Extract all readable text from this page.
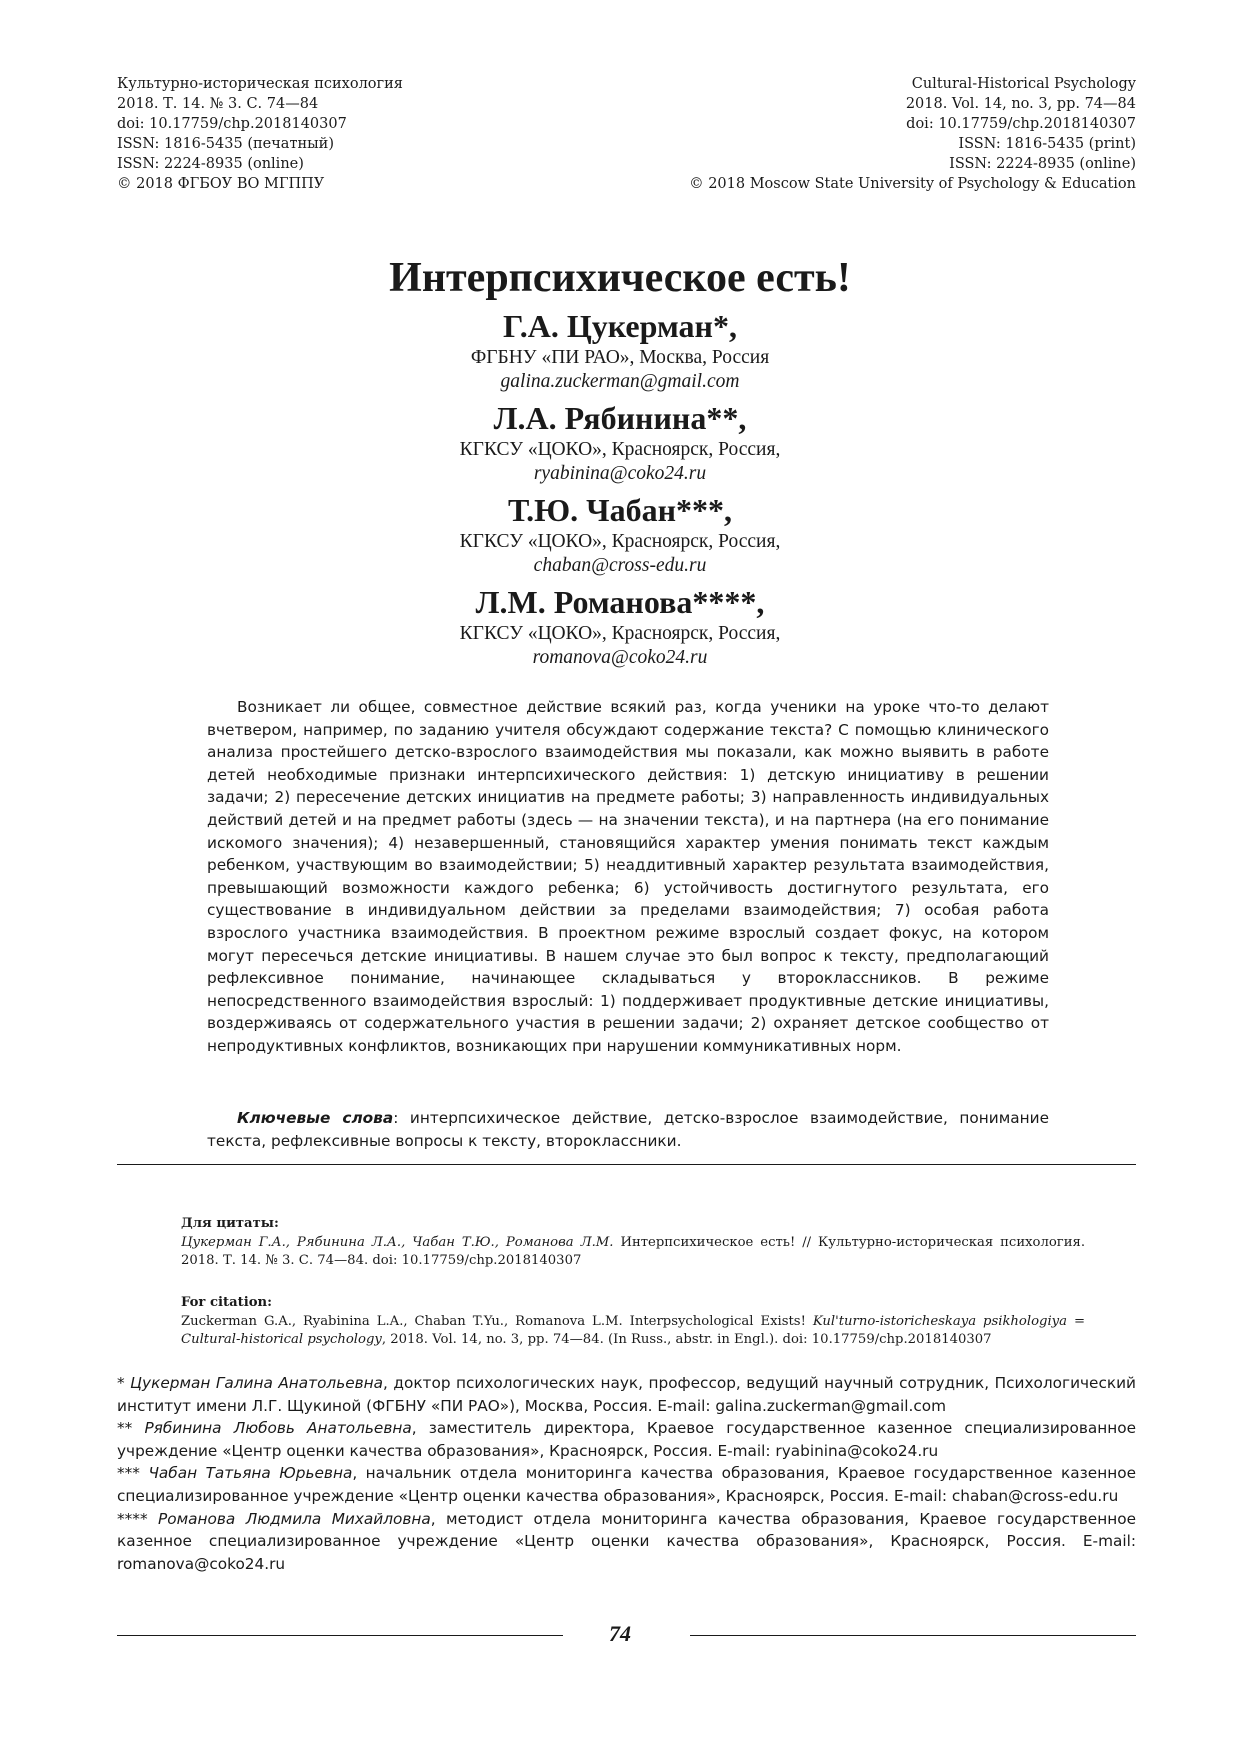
Культурно-историческая психология
2018. Т. 14. № 3. С. 74—84
doi: 10.17759/chp.2018140307
ISSN: 1816-5435 (печатный)
ISSN: 2224-8935 (online)
© 2018 ФГБОУ ВО МГППУ
Cultural-Historical Psychology
2018. Vol. 14, no. 3, pp. 74—84
doi: 10.17759/chp.2018140307
ISSN: 1816-5435 (print)
ISSN: 2224-8935 (online)
© 2018 Moscow State University of Psychology & Education
Интерпсихическое есть!
Г.А. Цукерман*,
ФГБНУ «ПИ РАО», Москва, Россия
galina.zuckerman@gmail.com
Л.А. Рябинина**,
КГКСУ «ЦОКО», Красноярск, Россия,
ryabinina@coko24.ru
Т.Ю. Чабан***,
КГКСУ «ЦОКО», Красноярск, Россия,
chaban@cross-edu.ru
Л.М. Романова****,
КГКСУ «ЦОКО», Красноярск, Россия,
romanova@coko24.ru

Возникает ли общее, совместное действие всякий раз, когда ученики на уроке что-то делают вчетвером, например, по заданию учителя обсуждают содержание текста? С помощью клинического анализа простейшего детско-взрослого взаимодействия мы показали, как можно выявить в работе детей необходимые признаки интерпсихического действия: 1) детскую инициативу в решении задачи; 2) пересечение детских инициатив на предмете работы; 3) направленность индивидуальных действий детей и на предмет работы (здесь — на значении текста), и на партнера (на его понимание искомого значения); 4) незавершенный, становящийся характер умения понимать текст каждым ребенком, участвующим во взаимодействии; 5) неаддитивный характер результата взаимодействия, превышающий возможности каждого ребенка; 6) устойчивость достигнутого результата, его существование в индивидуальном действии за пределами взаимодействия; 7) особая работа взрослого участника взаимодействия. В проектном режиме взрослый создает фокус, на котором могут пересечься детские инициативы. В нашем случае это был вопрос к тексту, предполагающий рефлексивное понимание, начинающее складываться у второклассников. В режиме непосредственного взаимодействия взрослый: 1) поддерживает продуктивные детские инициативы, воздерживаясь от содержательного участия в решении задачи; 2) охраняет детское сообщество от непродуктивных конфликтов, возникающих при нарушении коммуникативных норм.

Ключевые слова: интерпсихическое действие, детско-взрослое взаимодействие, понимание текста, рефлексивные вопросы к тексту, второклассники.
Для цитаты:
Цукерман Г.А., Рябинина Л.А., Чабан Т.Ю., Романова Л.М. Интерпсихическое есть! // Культурно-историческая психология. 2018. Т. 14. № 3. С. 74—84. doi: 10.17759/chp.2018140307
For citation:
Zuckerman G.A., Ryabinina L.A., Chaban T.Yu., Romanova L.M. Interpsychological Exists! Kul'turno-istoricheskaya psikhologiya = Cultural-historical psychology, 2018. Vol. 14, no. 3, pp. 74—84. (In Russ., abstr. in Engl.). doi: 10.17759/chp.2018140307

* Цукерман Галина Анатольевна, доктор психологических наук, профессор, ведущий научный сотрудник, Психологический институт имени Л.Г. Щукиной (ФГБНУ «ПИ РАО»), Москва, Россия. E-mail: galina.zuckerman@gmail.com

** Рябинина Любовь Анатольевна, заместитель директора, Краевое государственное казенное специализированное учреждение «Центр оценки качества образования», Красноярск, Россия. E-mail: ryabinina@coko24.ru

*** Чабан Татьяна Юрьевна, начальник отдела мониторинга качества образования, Краевое государственное казенное специализированное учреждение «Центр оценки качества образования», Красноярск, Россия. E-mail: chaban@cross-edu.ru

**** Романова Людмила Михайловна, методист отдела мониторинга качества образования, Краевое государственное казенное специализированное учреждение «Центр оценки качества образования», Красноярск, Россия. E-mail: romanova@coko24.ru

74
